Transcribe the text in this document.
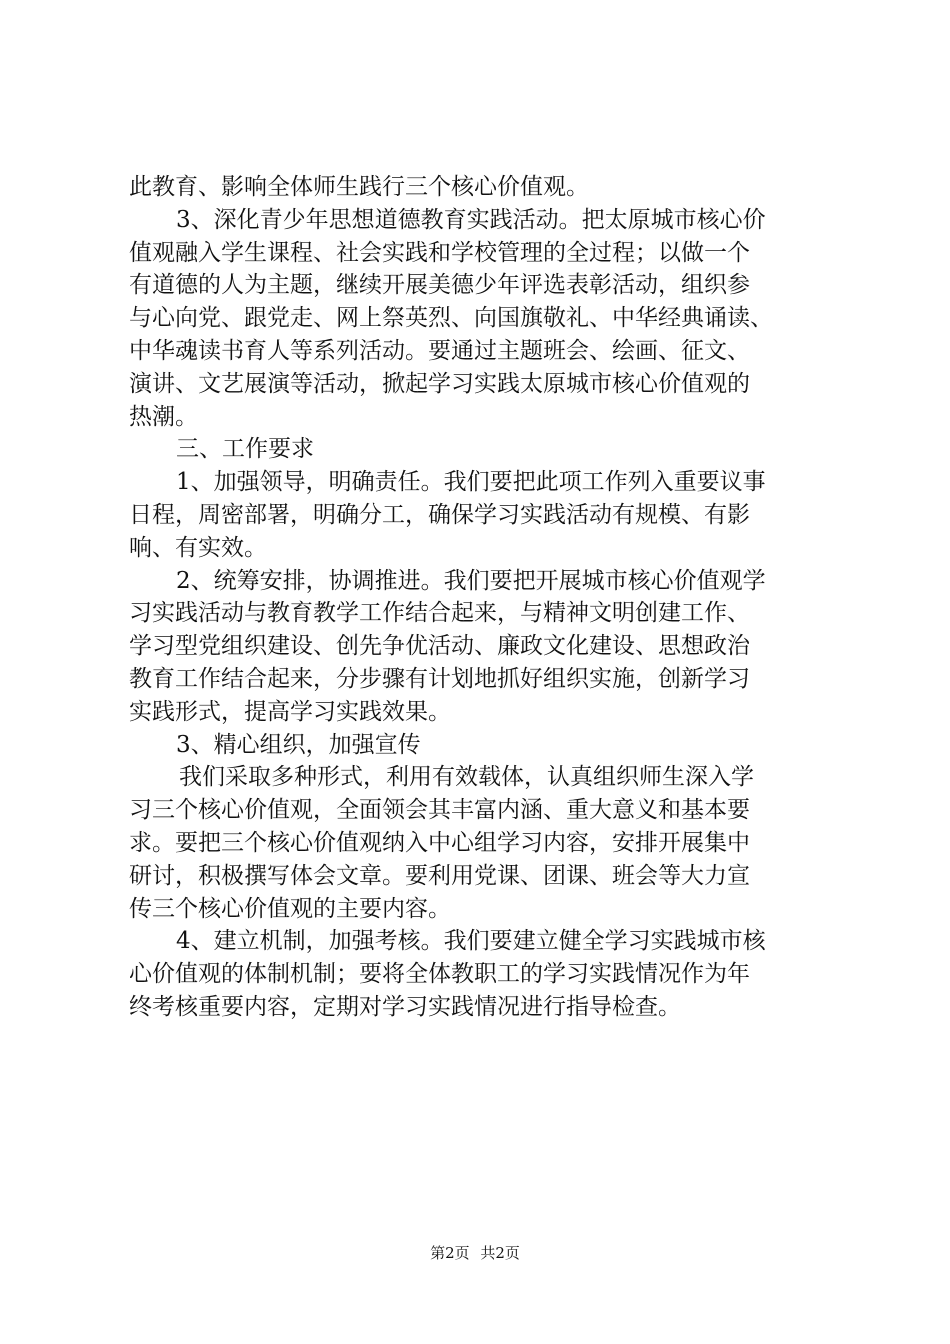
此教育、影响全体师生践行三个核心价值观。
3、深化青少年思想道德教育实践活动。把太原城市核心价
值观融入学生课程、社会实践和学校管理的全过程；以做一个
有道德的人为主题，继续开展美德少年评选表彰活动，组织参
与心向党、跟党走、网上祭英烈、向国旗敬礼、中华经典诵读、
中华魂读书育人等系列活动。要通过主题班会、绘画、征文、
演讲、文艺展演等活动，掀起学习实践太原城市核心价值观的
热潮。
三、工作要求
1、加强领导，明确责任。我们要把此项工作列入重要议事
日程，周密部署，明确分工，确保学习实践活动有规模、有影
响、有实效。
2、统筹安排，协调推进。我们要把开展城市核心价值观学
习实践活动与教育教学工作结合起来，与精神文明创建工作、
学习型党组织建设、创先争优活动、廉政文化建设、思想政治
教育工作结合起来，分步骤有计划地抓好组织实施，创新学习
实践形式，提高学习实践效果。
3、精心组织，加强宣传
我们采取多种形式，利用有效载体，认真组织师生深入学
习三个核心价值观，全面领会其丰富内涵、重大意义和基本要
求。要把三个核心价值观纳入中心组学习内容，安排开展集中
研讨，积极撰写体会文章。要利用党课、团课、班会等大力宣
传三个核心价值观的主要内容。
4、建立机制，加强考核。我们要建立健全学习实践城市核
心价值观的体制机制；要将全体教职工的学习实践情况作为年
终考核重要内容，定期对学习实践情况进行指导检查。
第2页 共2页
